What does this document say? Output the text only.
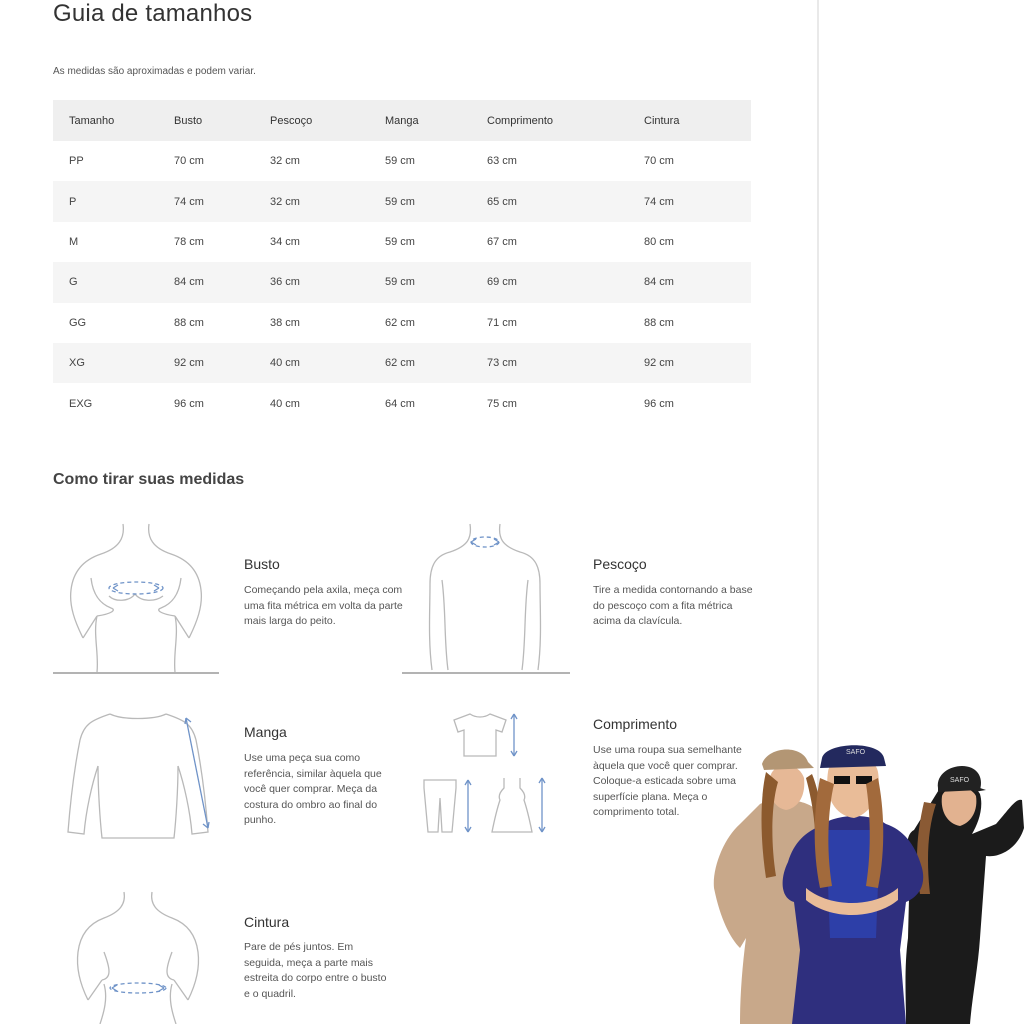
Guia de tamanhos

As medidas são aproximadas e podem variar.

Tamanho	Busto	Pescoço	Manga	Comprimento	Cintura
PP	70 cm	32 cm	59 cm	63 cm	70 cm
P	74 cm	32 cm	59 cm	65 cm	74 cm
M	78 cm	34 cm	59 cm	67 cm	80 cm
G	84 cm	36 cm	59 cm	69 cm	84 cm
GG	88 cm	38 cm	62 cm	71 cm	88 cm
XG	92 cm	40 cm	62 cm	73 cm	92 cm
EXG	96 cm	40 cm	64 cm	75 cm	96 cm
Como tirar suas medidas
Busto
Começando pela axila, meça com uma fita métrica em volta da parte mais larga do peito.
Pescoço
Tire a medida contornando a base do pescoço com a fita métrica acima da clavícula.
Manga
Use uma peça sua como referência, similar àquela que você quer comprar. Meça da costura do ombro ao final do punho.
Comprimento
Use uma roupa sua semelhante àquela que você quer comprar. Coloque-a esticada sobre uma superfície plana. Meça o comprimento total.
Cintura
Pare de pés juntos. Em seguida, meça a parte mais estreita do corpo entre o busto e o quadril.
SAFO
SAFO
